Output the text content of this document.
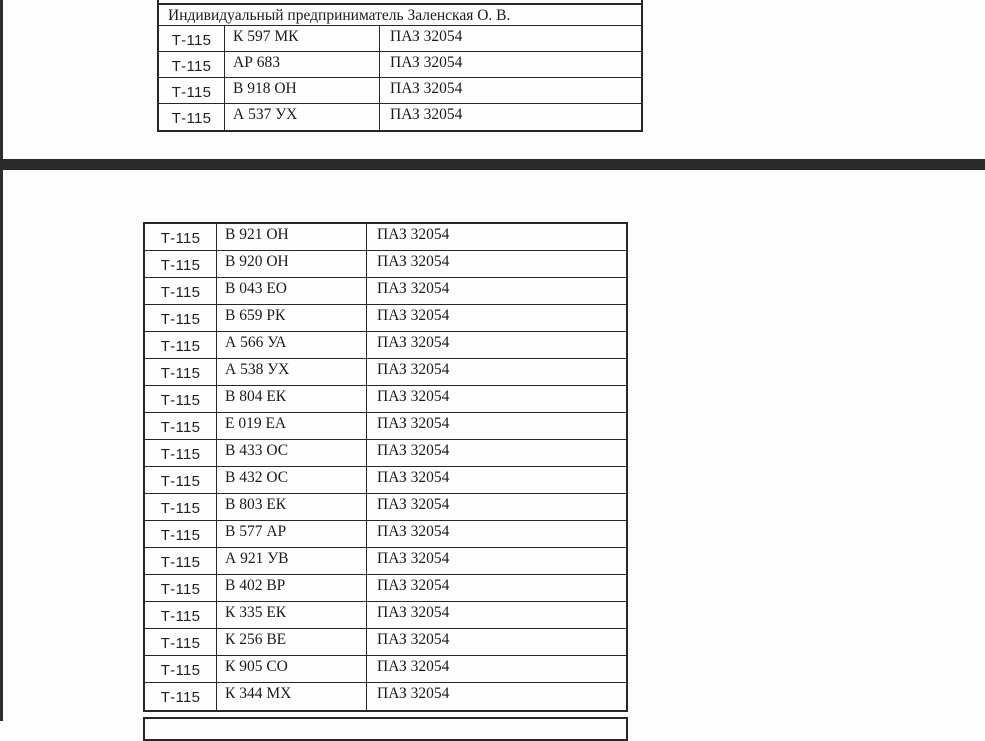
Индивидуальный предприниматель Заленская О. В.
Т-115	К 597 МК	ПАЗ 32054
Т-115	АР 683	ПАЗ 32054
Т-115	В 918 ОН	ПАЗ 32054
Т-115	А 537 УХ	ПАЗ 32054
Т-115	В 921 ОН	ПАЗ 32054
Т-115	В 920 ОН	ПАЗ 32054
Т-115	В 043 ЕО	ПАЗ 32054
Т-115	В 659 РК	ПАЗ 32054
Т-115	А 566 УА	ПАЗ 32054
Т-115	А 538 УХ	ПАЗ 32054
Т-115	В 804 ЕК	ПАЗ 32054
Т-115	Е 019 ЕА	ПАЗ 32054
Т-115	В 433 ОС	ПАЗ 32054
Т-115	В 432 ОС	ПАЗ 32054
Т-115	В 803 ЕК	ПАЗ 32054
Т-115	В 577 АР	ПАЗ 32054
Т-115	А 921 УВ	ПАЗ 32054
Т-115	В 402 ВР	ПАЗ 32054
Т-115	К 335 ЕК	ПАЗ 32054
Т-115	К 256 ВЕ	ПАЗ 32054
Т-115	К 905 СО	ПАЗ 32054
Т-115	К 344 МХ	ПАЗ 32054
